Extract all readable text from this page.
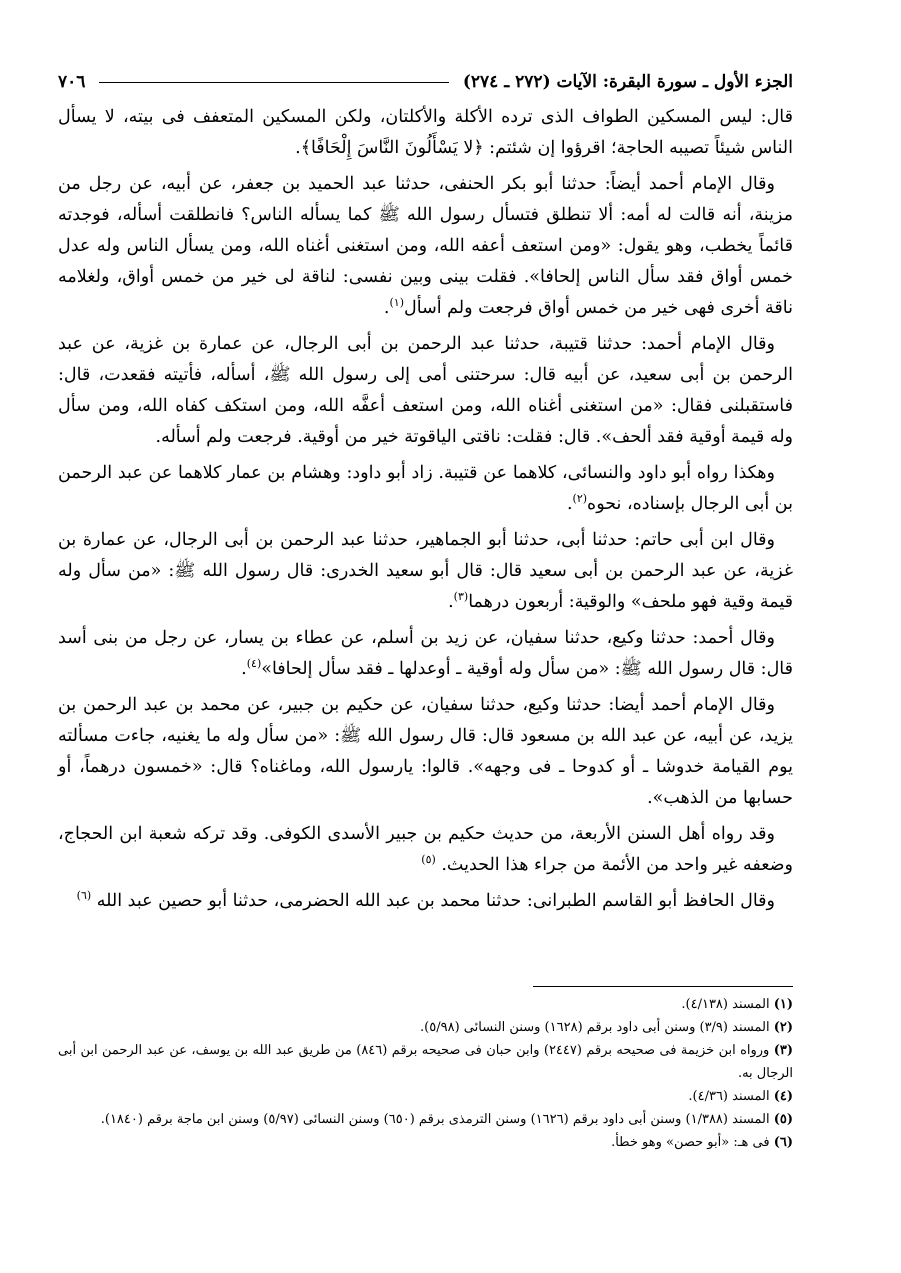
الجزء الأول ـ سورة البقرة: الآيات (٢٧٢ ـ ٢٧٤)
٧٠٦

قال: ليس المسكين الطواف الذى ترده الأكلة والأكلتان، ولكن المسكين المتعفف فى بيته، لا يسأل الناس شيئاً تصيبه الحاجة؛ اقرؤوا إن شئتم: ﴿لا يَسْأَلُونَ النَّاسَ إِلْحَافًا﴾.

وقال الإمام أحمد أيضاً: حدثنا أبو بكر الحنفى، حدثنا عبد الحميد بن جعفر، عن أبيه، عن رجل من مزينة، أنه قالت له أمه: ألا تنطلق فتسأل رسول الله ﷺ كما يسأله الناس؟ فانطلقت أسأله، فوجدته قائماً يخطب، وهو يقول: «ومن استعف أعفه الله، ومن استغنى أغناه الله، ومن يسأل الناس وله عدل خمس أواق فقد سأل الناس إلحافا». فقلت بينى وبين نفسى: لناقة لى خير من خمس أواق، ولغلامه ناقة أخرى فهى خير من خمس أواق فرجعت ولم أسأل$^{(١)}$.

وقال الإمام أحمد: حدثنا قتيبة، حدثنا عبد الرحمن بن أبى الرجال، عن عمارة بن غزية، عن عبد الرحمن بن أبى سعيد، عن أبيه قال: سرحتنى أمى إلى رسول الله ﷺ، أسأله، فأتيته فقعدت، قال: فاستقبلنى فقال: «من استغنى أغناه الله، ومن استعف أعفَّه الله، ومن استكف كفاه الله، ومن سأل وله قيمة أوقية فقد ألحف». قال: فقلت: ناقتى الياقوتة خير من أوقية. فرجعت ولم أسأله.

وهكذا رواه أبو داود والنسائى، كلاهما عن قتيبة. زاد أبو داود: وهشام بن عمار كلاهما عن عبد الرحمن بن أبى الرجال بإسناده، نحوه$^{(٢)}$.

وقال ابن أبى حاتم: حدثنا أبى، حدثنا أبو الجماهير، حدثنا عبد الرحمن بن أبى الرجال، عن عمارة بن غزية، عن عبد الرحمن بن أبى سعيد قال: قال أبو سعيد الخدرى: قال رسول الله ﷺ: «من سأل وله قيمة وقية فهو ملحف» والوقية: أربعون درهما$^{(٣)}$.

وقال أحمد: حدثنا وكيع، حدثنا سفيان، عن زيد بن أسلم، عن عطاء بن يسار، عن رجل من بنى أسد قال: قال رسول الله ﷺ: «من سأل وله أوقية ـ أوعدلها ـ فقد سأل إلحافا»$^{(٤)}$.

وقال الإمام أحمد أيضا: حدثنا وكيع، حدثنا سفيان، عن حكيم بن جبير، عن محمد بن عبد الرحمن بن يزيد، عن أبيه، عن عبد الله بن مسعود قال: قال رسول الله ﷺ: «من سأل وله ما يغنيه، جاءت مسألته يوم القيامة خدوشا ـ أو كدوحا ـ فى وجهه». قالوا: يارسول الله، وماغناه؟ قال: «خمسون درهماً، أو حسابها من الذهب».

وقد رواه أهل السنن الأربعة، من حديث حكيم بن جبير الأسدى الكوفى. وقد تركه شعبة ابن الحجاج، وضعفه غير واحد من الأئمة من جراء هذا الحديث. $^{(٥)}$

وقال الحافظ أبو القاسم الطبرانى: حدثنا محمد بن عبد الله الحضرمى، حدثنا أبو حصين عبد الله $^{(٦)}$

(١) المسند (٤/١٣٨).

(٢) المسند (٣/٩) وسنن أبى داود برقم (١٦٢٨) وسنن النسائى (٥/٩٨).

(٣) ورواه ابن خزيمة فى صحيحه برقم (٢٤٤٧) وابن حبان فى صحيحه برقم (٨٤٦) من طريق عبد الله بن يوسف، عن عبد الرحمن ابن أبى الرجال به.

(٤) المسند (٤/٣٦).

(٥) المسند (١/٣٨٨) وسنن أبى داود برقم (١٦٢٦) وسنن الترمذى برقم (٦٥٠) وسنن النسائى (٥/٩٧) وسنن ابن ماجة برقم (١٨٤٠).

(٦) فى هـ: «أبو حصن» وهو خطأ.
